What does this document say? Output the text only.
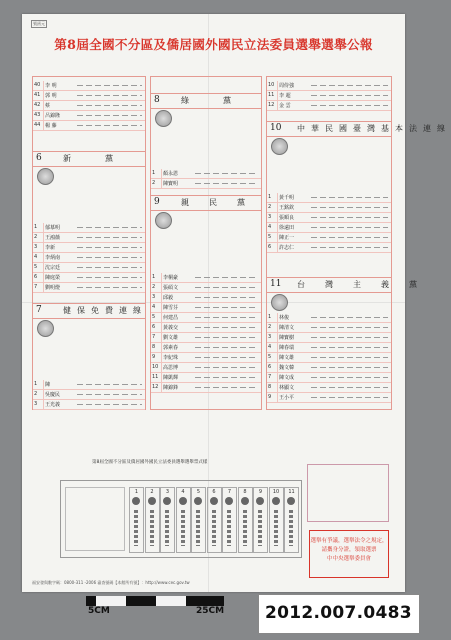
號函元
第8屆全國不分區及僑居國外國民立法委員選舉選舉公報
40 李 明
41 郭 明
42 蔡
43 呂錦隆
44 楊 藤
6	新　　黨
1 郁慕明
2 王鴻薇
3 李新
4 李炳南
5 沈宗廷
6 陳庭榮
7 劉明燈
7	健保免費連線
1 陳
2 吳慶民
3 王光義
8	綠　　黨
1 顏永恩
2 陳寶明
9	親　民　黨
1 李桐豪
2 張碩文
3 邱毅
4 陳雪芬
5 何建昌
6 黃義交
7 劉文雄
8 郭素春
9 李紀珠
10 高思博
11 陳凱輝
12 陳錦鋒
10 周侍強
11 李 超
12 金 雲
10 中華民國臺灣基本法連線
1 黃千明
2 王銘欽
3 張順良
4 徐遠田
5 陳正一
6 許志仁
11 台　灣　主　義　黨
1 林俊
2 陳清文
3 陳寶樹
4 陳春瑞
5 陳文雄
6 魏文韓
7 陳文成
8 林顯文
9 王小平
第8屆全國不分區及僑居國外國民立法委員選舉選舉票式樣
1	2	3	4	5	6	7	8	9	10	11
選舉有爭議，選舉法令之規定，
請攜身分證，領取選票
中中央選舉委員會
福安發與數字碼：0800-311 -2006 審查號碼【本館所有號】：http://www.cec.gov.tw
5CM	25CM 2012.007.0483
